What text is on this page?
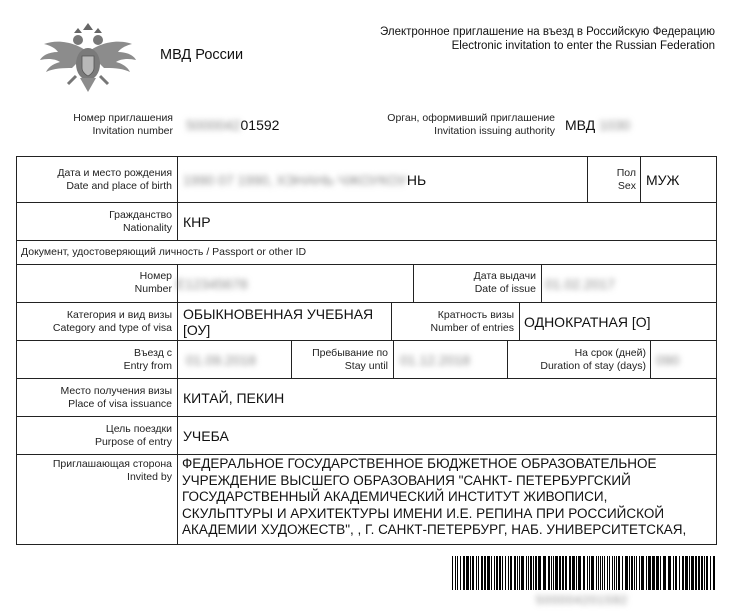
МВД России
Электронное приглашение на въезд в Российскую Федерацию
Electronic invitation to enter the Russian Federation
Номер приглашения
Invitation number 500004201592	Орган, оформивший приглашение
Invitation issuing authority МВД 1030
Дата и место рождения
Date and place of birth 1990 07 1990, ХЭНАНЬ ЧЖОУКОУНЬ	Пол
Sex МУЖ
Гражданство
Nationality КНР
Документ, удостоверяющий личность / Passport or other ID
Номер
Number E12345678	Дата выдачи
Date of issue 01.02.2017
Категория и вид визы
Category and type of visa
ОБЫКНОВЕННАЯ УЧЕБНАЯ
[ОУ]
Кратность визы
Number of entries ОДНОКРАТНАЯ [О]
Въезд с
Entry from 01.09.2018	Пребывание по
Stay until 01.12.2018	На срок (дней)
Duration of stay (days) 090
Место получения визы
Place of visa issuance КИТАЙ, ПЕКИН
Цель поездки
Purpose of entry УЧЕБА
Приглашающая сторона
Invited by
ФЕДЕРАЛЬНОЕ ГОСУДАРСТВЕННОЕ БЮДЖЕТНОЕ ОБРАЗОВАТЕЛЬНОЕ
УЧРЕЖДЕНИЕ ВЫСШЕГО ОБРАЗОВАНИЯ "САНКТ- ПЕТЕРБУРГСКИЙ
ГОСУДАРСТВЕННЫЙ АКАДЕМИЧЕСКИЙ ИНСТИТУТ ЖИВОПИСИ,
СКУЛЬПТУРЫ И АРХИТЕКТУРЫ ИМЕНИ И.Е. РЕПИНА ПРИ РОССИЙСКОЙ
АКАДЕМИИ ХУДОЖЕСТВ", , Г. САНКТ-ПЕТЕРБУРГ, НАБ. УНИВЕРСИТЕТСКАЯ,
500004201592
